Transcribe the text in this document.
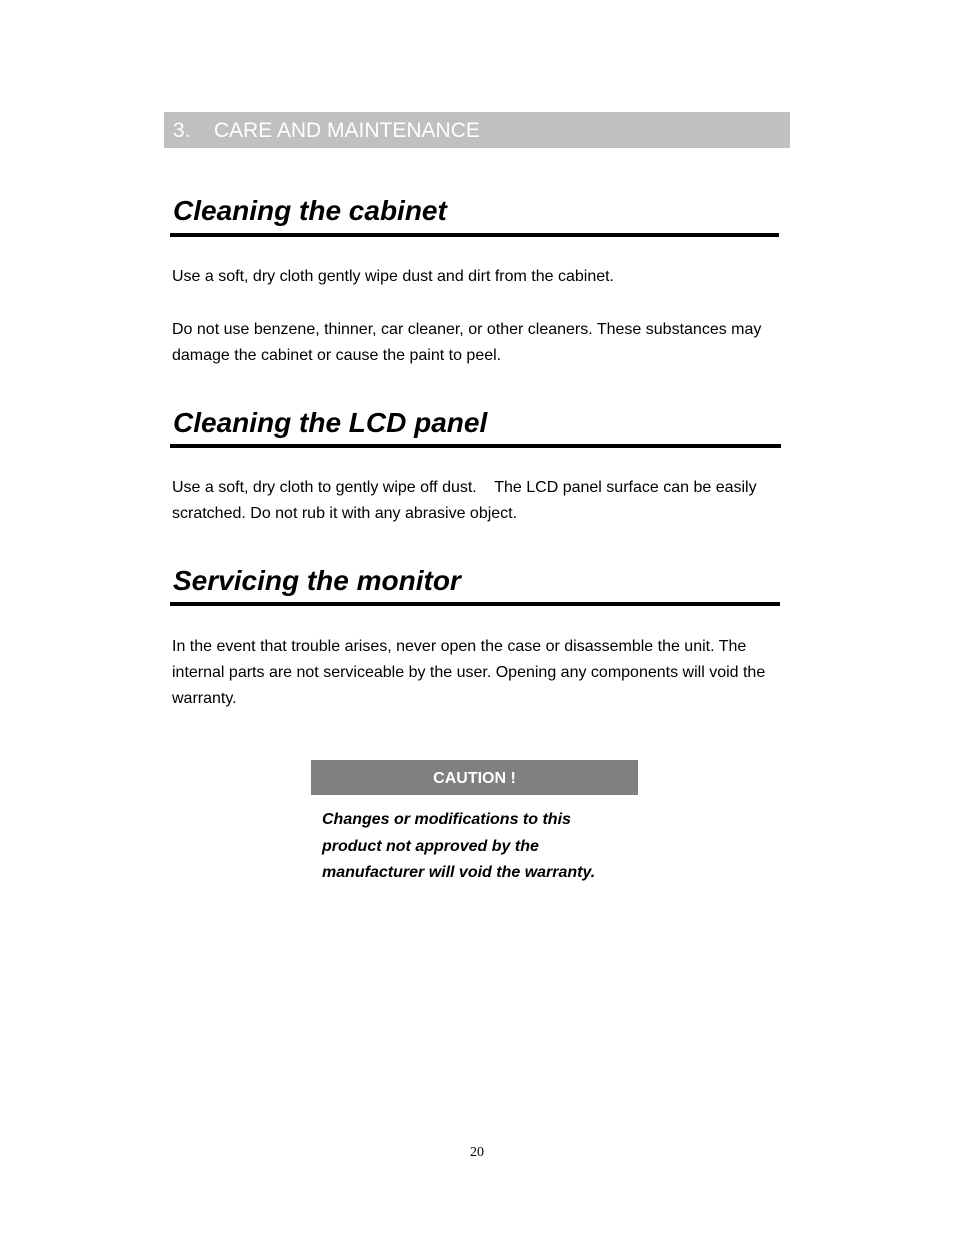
3.    CARE AND MAINTENANCE
Cleaning the cabinet

Use a soft, dry cloth gently wipe dust and dirt from the cabinet.

Do not use benzene, thinner, car cleaner, or other cleaners. These substances may damage the cabinet or cause the paint to peel.

Cleaning the LCD panel

Use a soft, dry cloth to gently wipe off dust.    The LCD panel surface can be easily scratched. Do not rub it with any abrasive object.

Servicing the monitor

In the event that trouble arises, never open the case or disassemble the unit. The internal parts are not serviceable by the user. Opening any components will void the warranty.

CAUTION !

Changes or modifications to this product not approved by the manufacturer will void the warranty.

20
